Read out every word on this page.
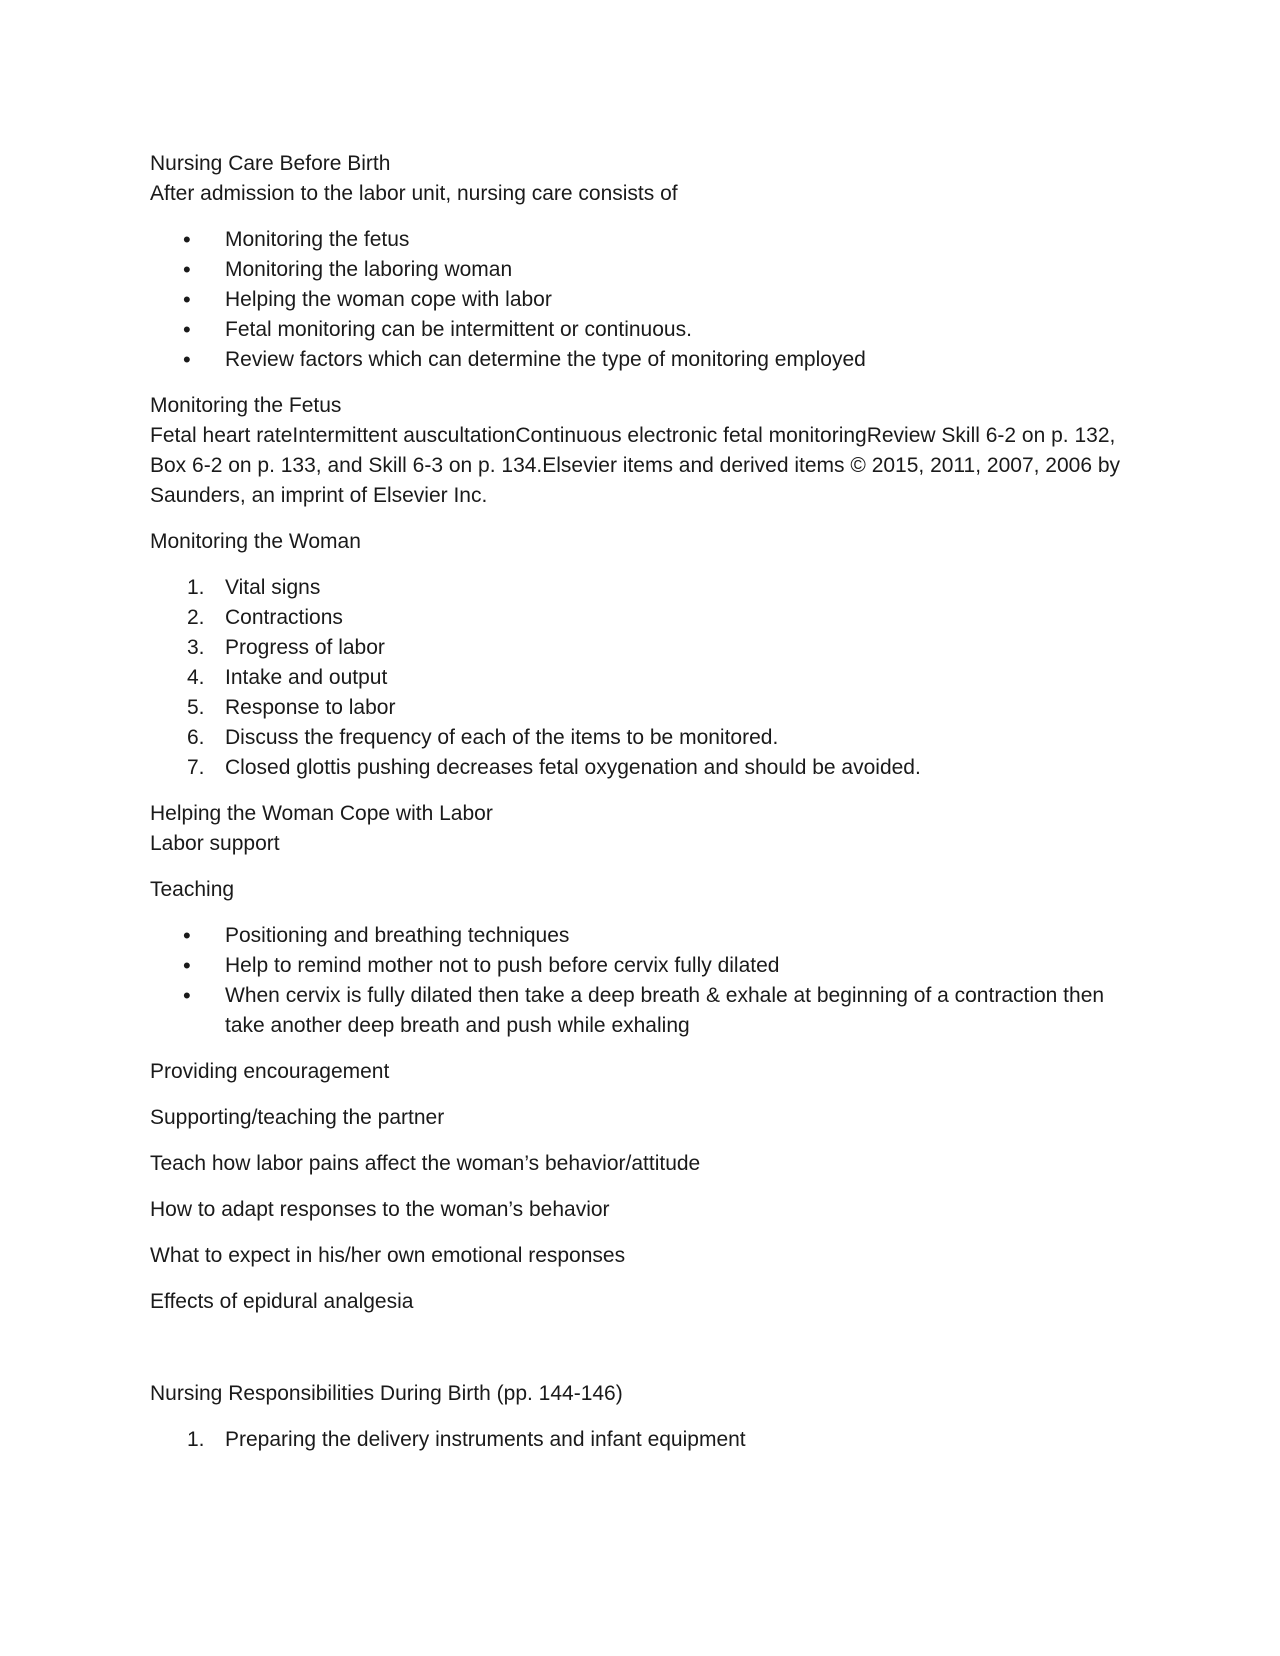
Nursing Care Before Birth
After admission to the labor unit, nursing care consists of
•	Monitoring the fetus
•	Monitoring the laboring woman
•	Helping the woman cope with labor
•	Fetal monitoring can be intermittent or continuous.
•	Review factors which can determine the type of monitoring employed
Monitoring the Fetus
Fetal heart rateIntermittent auscultationContinuous electronic fetal monitoringReview Skill 6-2 on p. 132, Box 6-2 on p. 133, and Skill 6-3 on p. 134.Elsevier items and derived items © 2015, 2011, 2007, 2006 by Saunders, an imprint of Elsevier Inc.

Monitoring the Woman

1. Vital signs
2. Contractions
3. Progress of labor
4. Intake and output
5. Response to labor
6. Discuss the frequency of each of the items to be monitored.
7. Closed glottis pushing decreases fetal oxygenation and should be avoided.
Helping the Woman Cope with Labor
Labor support

Teaching

•	Positioning and breathing techniques
•	Help to remind mother not to push before cervix fully dilated
•	When cervix is fully dilated then take a deep breath & exhale at beginning of a contraction then take another deep breath and push while exhaling

Providing encouragement

Supporting/teaching the partner

Teach how labor pains affect the woman’s behavior/attitude

How to adapt responses to the woman’s behavior

What to expect in his/her own emotional responses

Effects of epidural analgesia

Nursing Responsibilities During Birth (pp. 144-146)

1. Preparing the delivery instruments and infant equipment
